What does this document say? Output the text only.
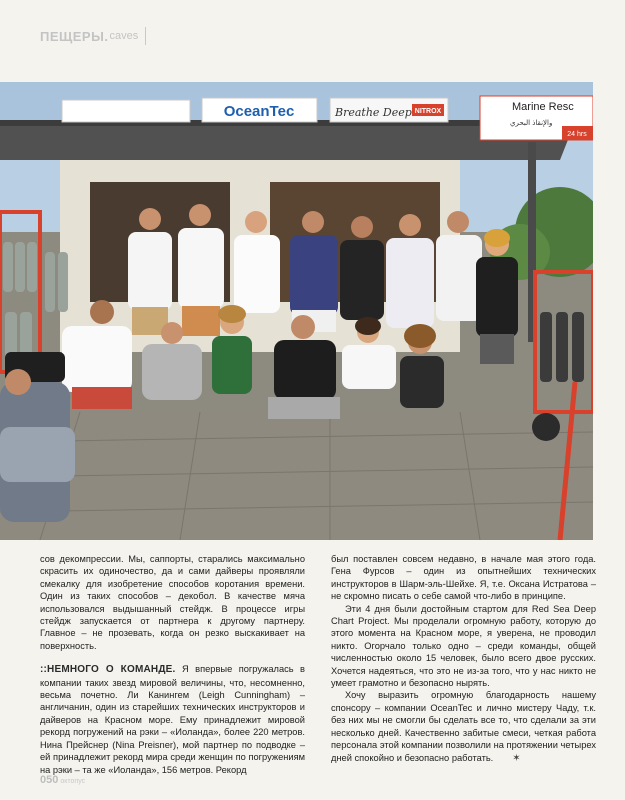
ПЕЩЕРЫ. caves
OceanTec	Breathe Deep NITROX	Marine Resc
والإنقاذ البحري
24 hrs

сов декомпрессии. Мы, саппорты, старались максимально скрасить их одиночество, да и сами дайверы проявляли смекалку для изобретение способов коротания времени. Один из таких способов – декобол. В качестве мяча использовался выдышанный стейдж. В процессе игры стейдж запускается от партнера к другому партнеру. Главное – не прозевать, когда он резко выскакивает на поверхность.

::НЕМНОГО О КОМАНДЕ. Я впервые погружалась в компании таких звезд мировой величины, что, несомненно, весьма почетно. Ли Канингем (Leigh Cunningham) – англичанин, один из старейших технических инструкторов и дайверов на Красном море. Ему принадлежит мировой рекорд погружений на рэки – «Иоланда», более 220 метров. Нина Прейснер (Nina Preisner), мой партнер по подводке – ей принадлежит рекорд мира среди женщин по погружениям на рэки – та же «Иоланда», 156 метров. Рекорд

был поставлен совсем недавно, в начале мая этого года. Гена Фурсов – один из опытнейших технических инструкторов в Шарм-эль-Шейхе. Я, т.е. Оксана Истратова – не скромно писать о себе самой что-либо в принципе.

Эти 4 дня были достойным стартом для Red Sea Deep Chart Project. Мы проделали огромную работу, которую до этого момента на Красном море, я уверена, не проводил никто. Огорчало только одно – среди команды, общей численностью около 15 человек, было всего двое русских. Хочется надеяться, что это не из-за того, что у нас никто не умеет грамотно и безопасно нырять.

Хочу выразить огромную благодарность нашему спонсору – компании OceanTec и лично мистеру Чаду, т.к. без них мы не смогли бы сделать все то, что сделали за эти несколько дней. Качественно забитые смеси, четкая работа персонала этой компании позволили на протяжении четырех дней спокойно и безопасно работать. ✶

050 октопус
